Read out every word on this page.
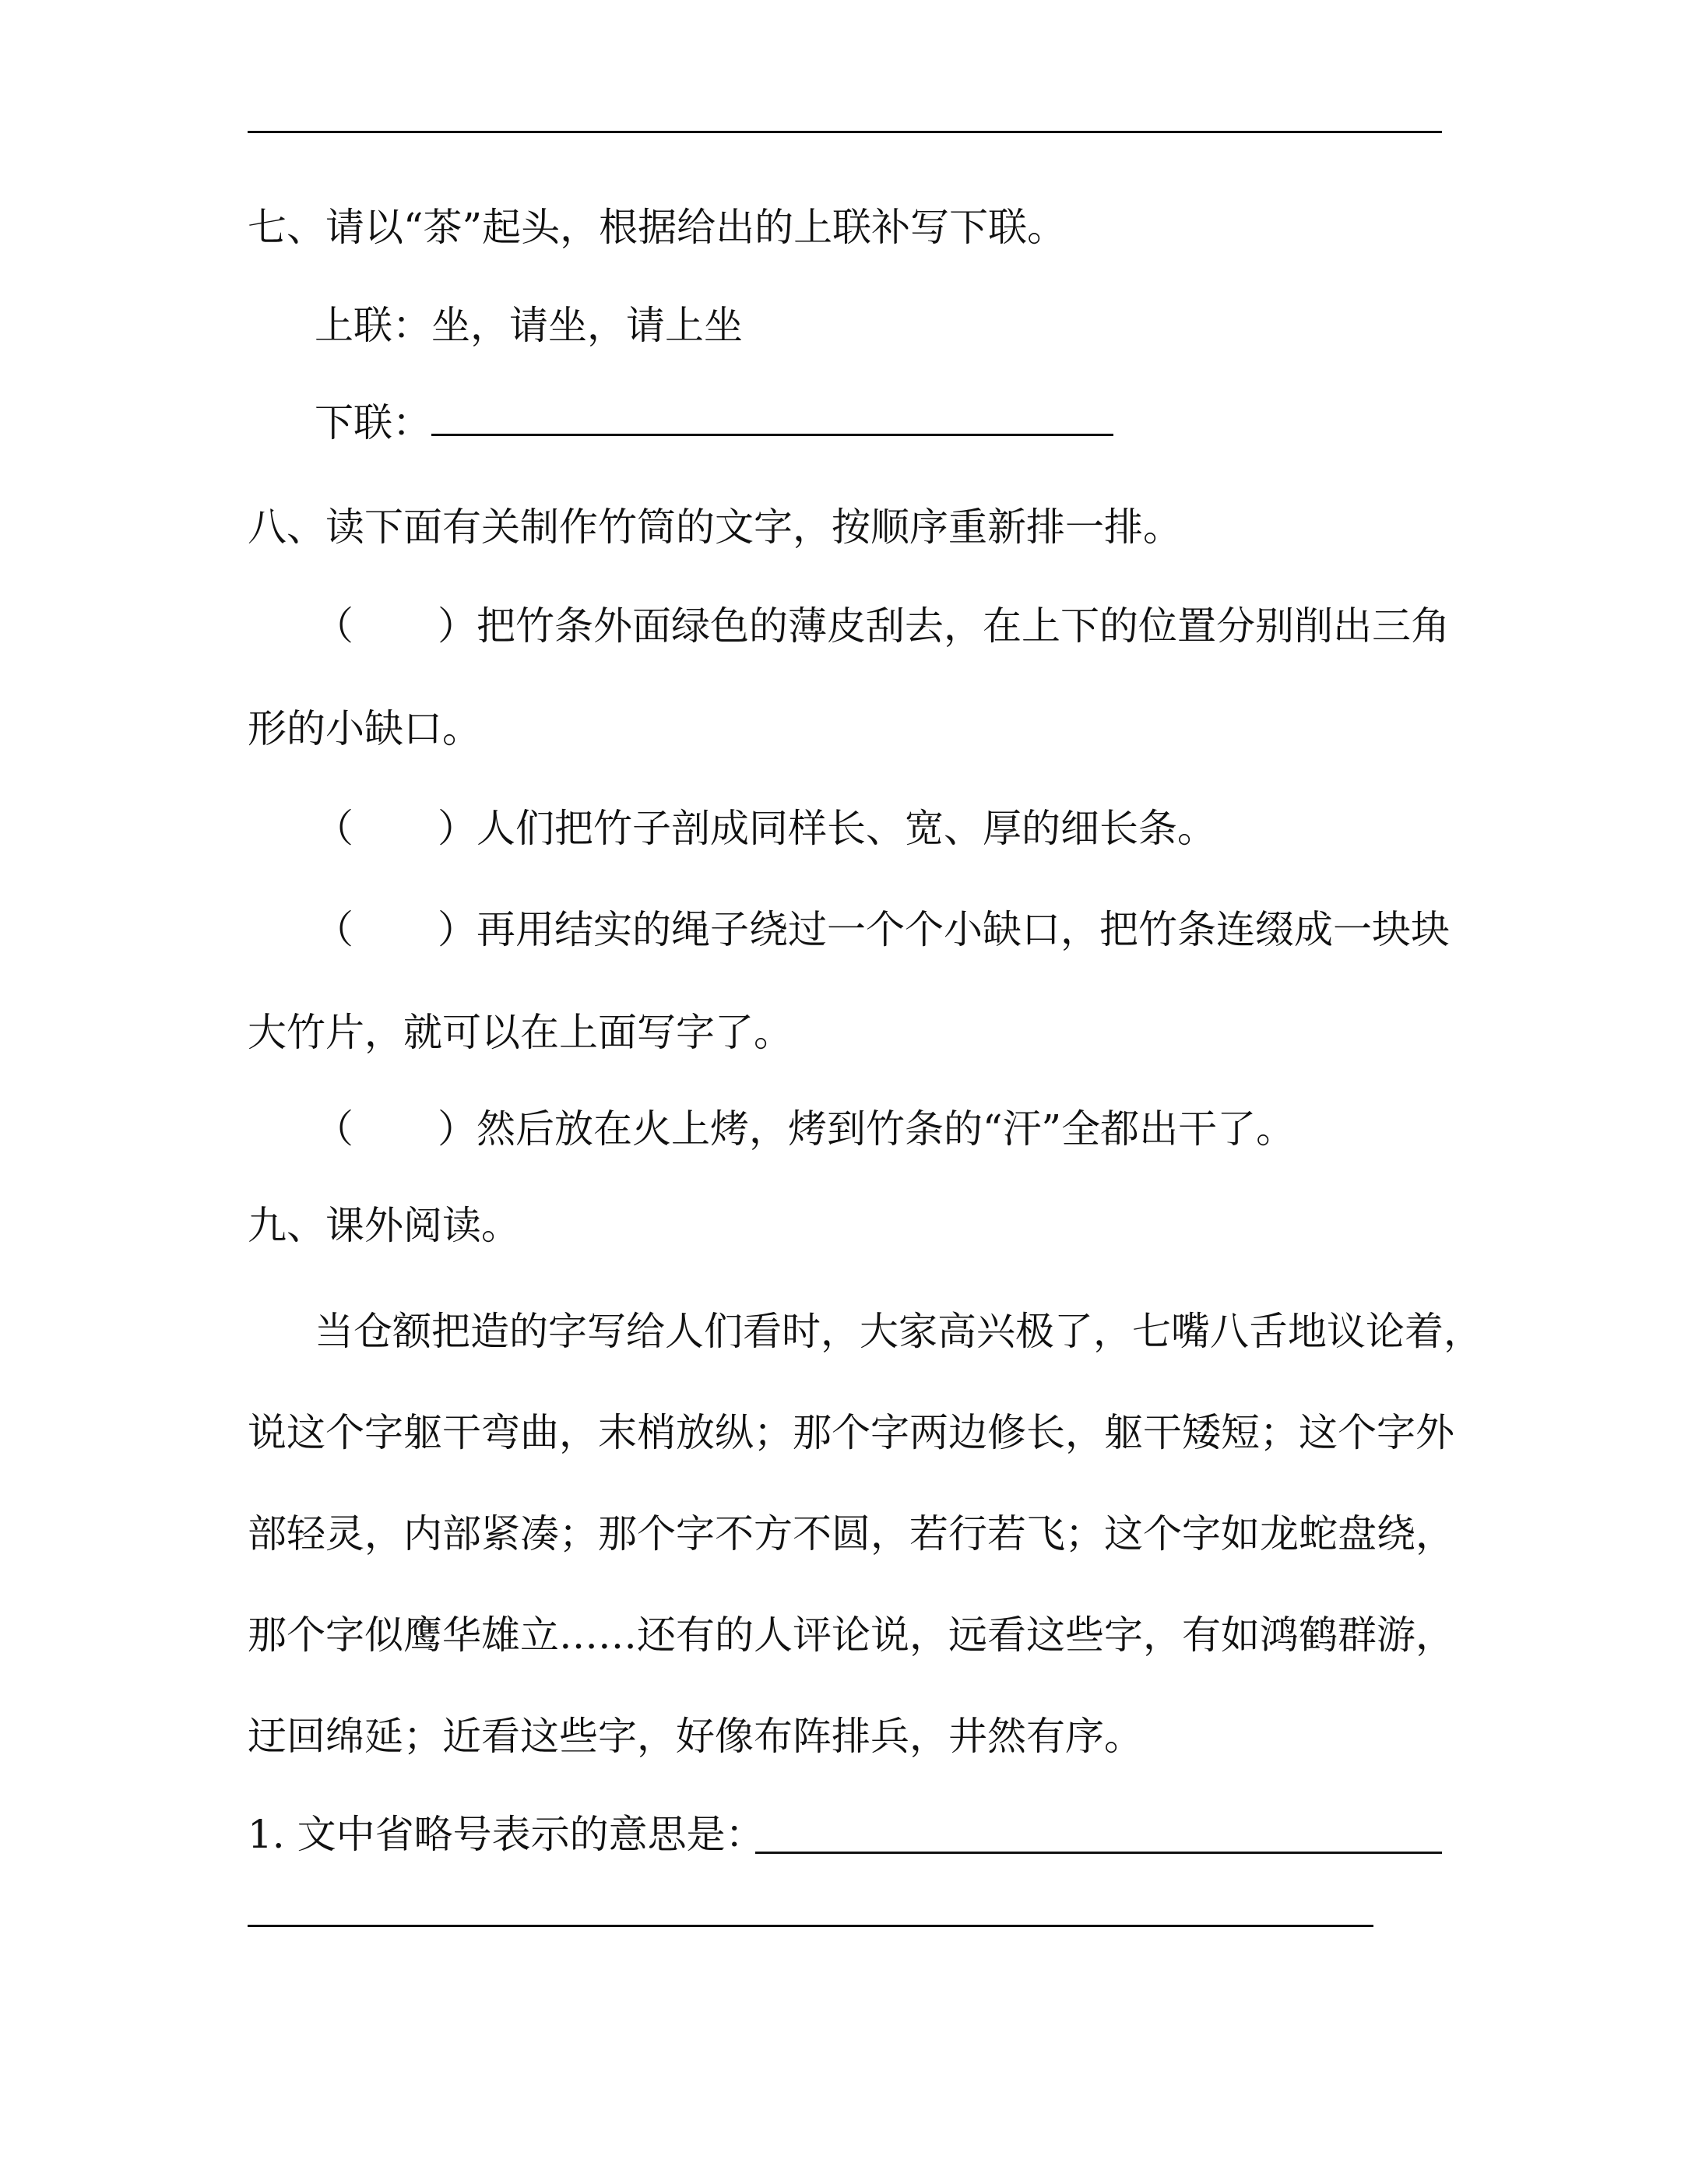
七、请以“茶”起头，根据给出的上联补写下联。
上联：坐，请坐，请上坐
下联：
八、读下面有关制作竹筒的文字，按顺序重新排一排。
（ ）把竹条外面绿色的薄皮刮去，在上下的位置分别削出三角
形的小缺口。
（ ）人们把竹子剖成同样长、宽、厚的细长条。
（ ）再用结实的绳子绕过一个个小缺口，把竹条连缀成一块块
大竹片，就可以在上面写字了。
（ ）然后放在火上烤，烤到竹条的“汗”全都出干了。
九、课外阅读。
当仓额把造的字写给人们看时，大家高兴极了，七嘴八舌地议论着，
说这个字躯干弯曲，末梢放纵；那个字两边修长，躯干矮短；这个字外
部轻灵，内部紧凑；那个字不方不圆，若行若飞；这个字如龙蛇盘绕，
那个字似鹰华雄立……还有的人评论说，远看这些字，有如鸿鹤群游，
迂回绵延；近看这些字，好像布阵排兵，井然有序。
1. 文中省略号表示的意思是：
